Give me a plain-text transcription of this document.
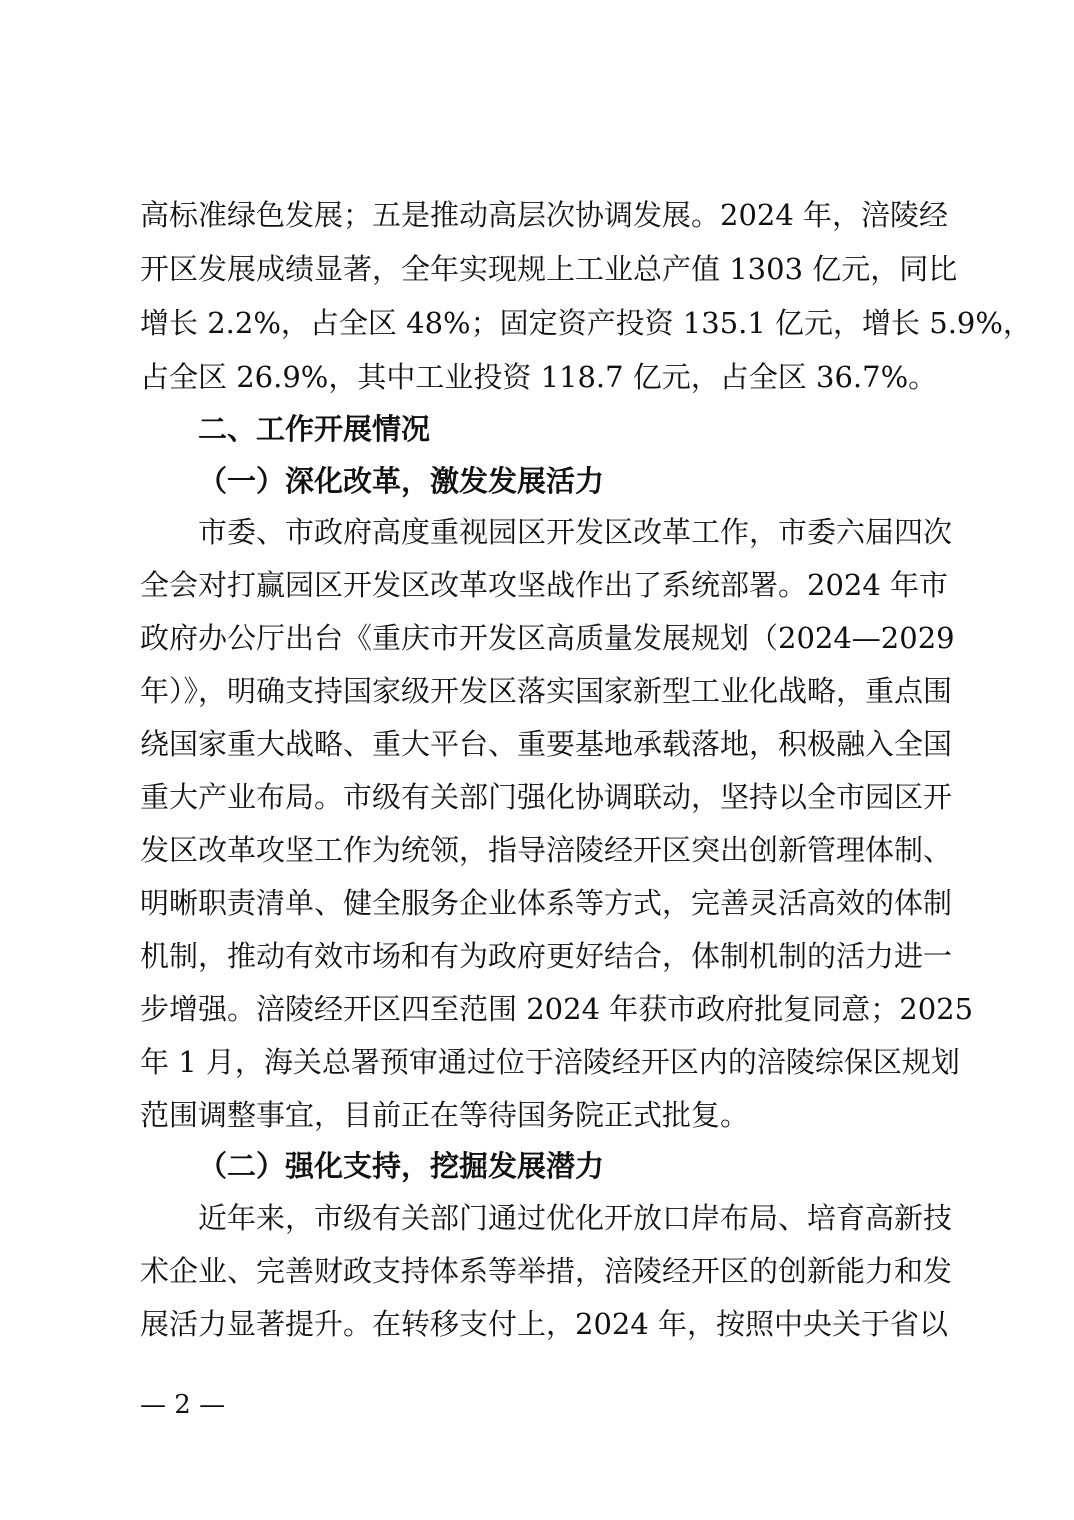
高标准绿色发展；五是推动高层次协调发展。2024 年，涪陵经
开区发展成绩显著，全年实现规上工业总产值 1303 亿元，同比
增长 2.2%，占全区 48%；固定资产投资 135.1 亿元，增长 5.9%，
占全区 26.9%，其中工业投资 118.7 亿元，占全区 36.7%。
二、工作开展情况
（一）深化改革，激发发展活力
市委、市政府高度重视园区开发区改革工作，市委六届四次
全会对打赢园区开发区改革攻坚战作出了系统部署。2024 年市
政府办公厅出台《重庆市开发区高质量发展规划（2024—2029
年）》，明确支持国家级开发区落实国家新型工业化战略，重点围
绕国家重大战略、重大平台、重要基地承载落地，积极融入全国
重大产业布局。市级有关部门强化协调联动，坚持以全市园区开
发区改革攻坚工作为统领，指导涪陵经开区突出创新管理体制、
明晰职责清单、健全服务企业体系等方式，完善灵活高效的体制
机制，推动有效市场和有为政府更好结合，体制机制的活力进一
步增强。涪陵经开区四至范围 2024 年获市政府批复同意；2025
年 1 月，海关总署预审通过位于涪陵经开区内的涪陵综保区规划
范围调整事宜，目前正在等待国务院正式批复。
（二）强化支持，挖掘发展潜力
近年来，市级有关部门通过优化开放口岸布局、培育高新技
术企业、完善财政支持体系等举措，涪陵经开区的创新能力和发
展活力显著提升。在转移支付上，2024 年，按照中央关于省以
— 2 —
